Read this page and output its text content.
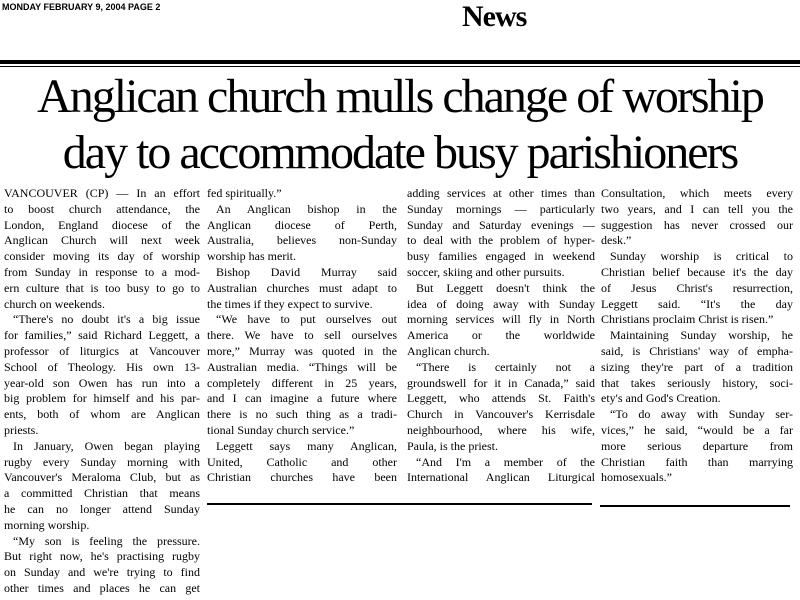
MONDAY FEBRUARY 9, 2004 PAGE 2	News
Anglican church mulls change of worship
day to accommodate busy parishioners
VANCOUVER (CP) — In an effort
to boost church attendance, the
London, England diocese of the
Anglican Church will next week
consider moving its day of worship
from Sunday in response to a mod-
ern culture that is too busy to go to
church on weekends.
“There's no doubt it's a big issue
for families,” said Richard Leggett, a
professor of liturgics at Vancouver
School of Theology. His own 13-
year-old son Owen has run into a
big problem for himself and his par-
ents, both of whom are Anglican
priests.
In January, Owen began playing
rugby every Sunday morning with
Vancouver's Meraloma Club, but as
a committed Christian that means
he can no longer attend Sunday
morning worship.
“My son is feeling the pressure.
But right now, he's practising rugby
on Sunday and we're trying to find
other times and places he can get
fed spiritually.”
An Anglican bishop in the
Anglican diocese of Perth,
Australia, believes non-Sunday
worship has merit.
Bishop David Murray said
Australian churches must adapt to
the times if they expect to survive.
“We have to put ourselves out
there. We have to sell ourselves
more,” Murray was quoted in the
Australian media. “Things will be
completely different in 25 years,
and I can imagine a future where
there is no such thing as a tradi-
tional Sunday church service.”
Leggett says many Anglican,
United, Catholic and other
Christian churches have been
adding services at other times than
Sunday mornings — particularly
Sunday and Saturday evenings —
to deal with the problem of hyper-
busy families engaged in weekend
soccer, skiing and other pursuits.
But Leggett doesn't think the
idea of doing away with Sunday
morning services will fly in North
America or the worldwide
Anglican church.
“There is certainly not a
groundswell for it in Canada,” said
Leggett, who attends St. Faith's
Church in Vancouver's Kerrisdale
neighbourhood, where his wife,
Paula, is the priest.
“And I'm a member of the
International Anglican Liturgical
Consultation, which meets every
two years, and I can tell you the
suggestion has never crossed our
desk.”
Sunday worship is critical to
Christian belief because it's the day
of Jesus Christ's resurrection,
Leggett said. “It's the day
Christians proclaim Christ is risen.”
Maintaining Sunday worship, he
said, is Christians' way of empha-
sizing they're part of a tradition
that takes seriously history, soci-
ety's and God's Creation.
“To do away with Sunday ser-
vices,” he said, “would be a far
more serious departure from
Christian faith than marrying
homosexuals.”
